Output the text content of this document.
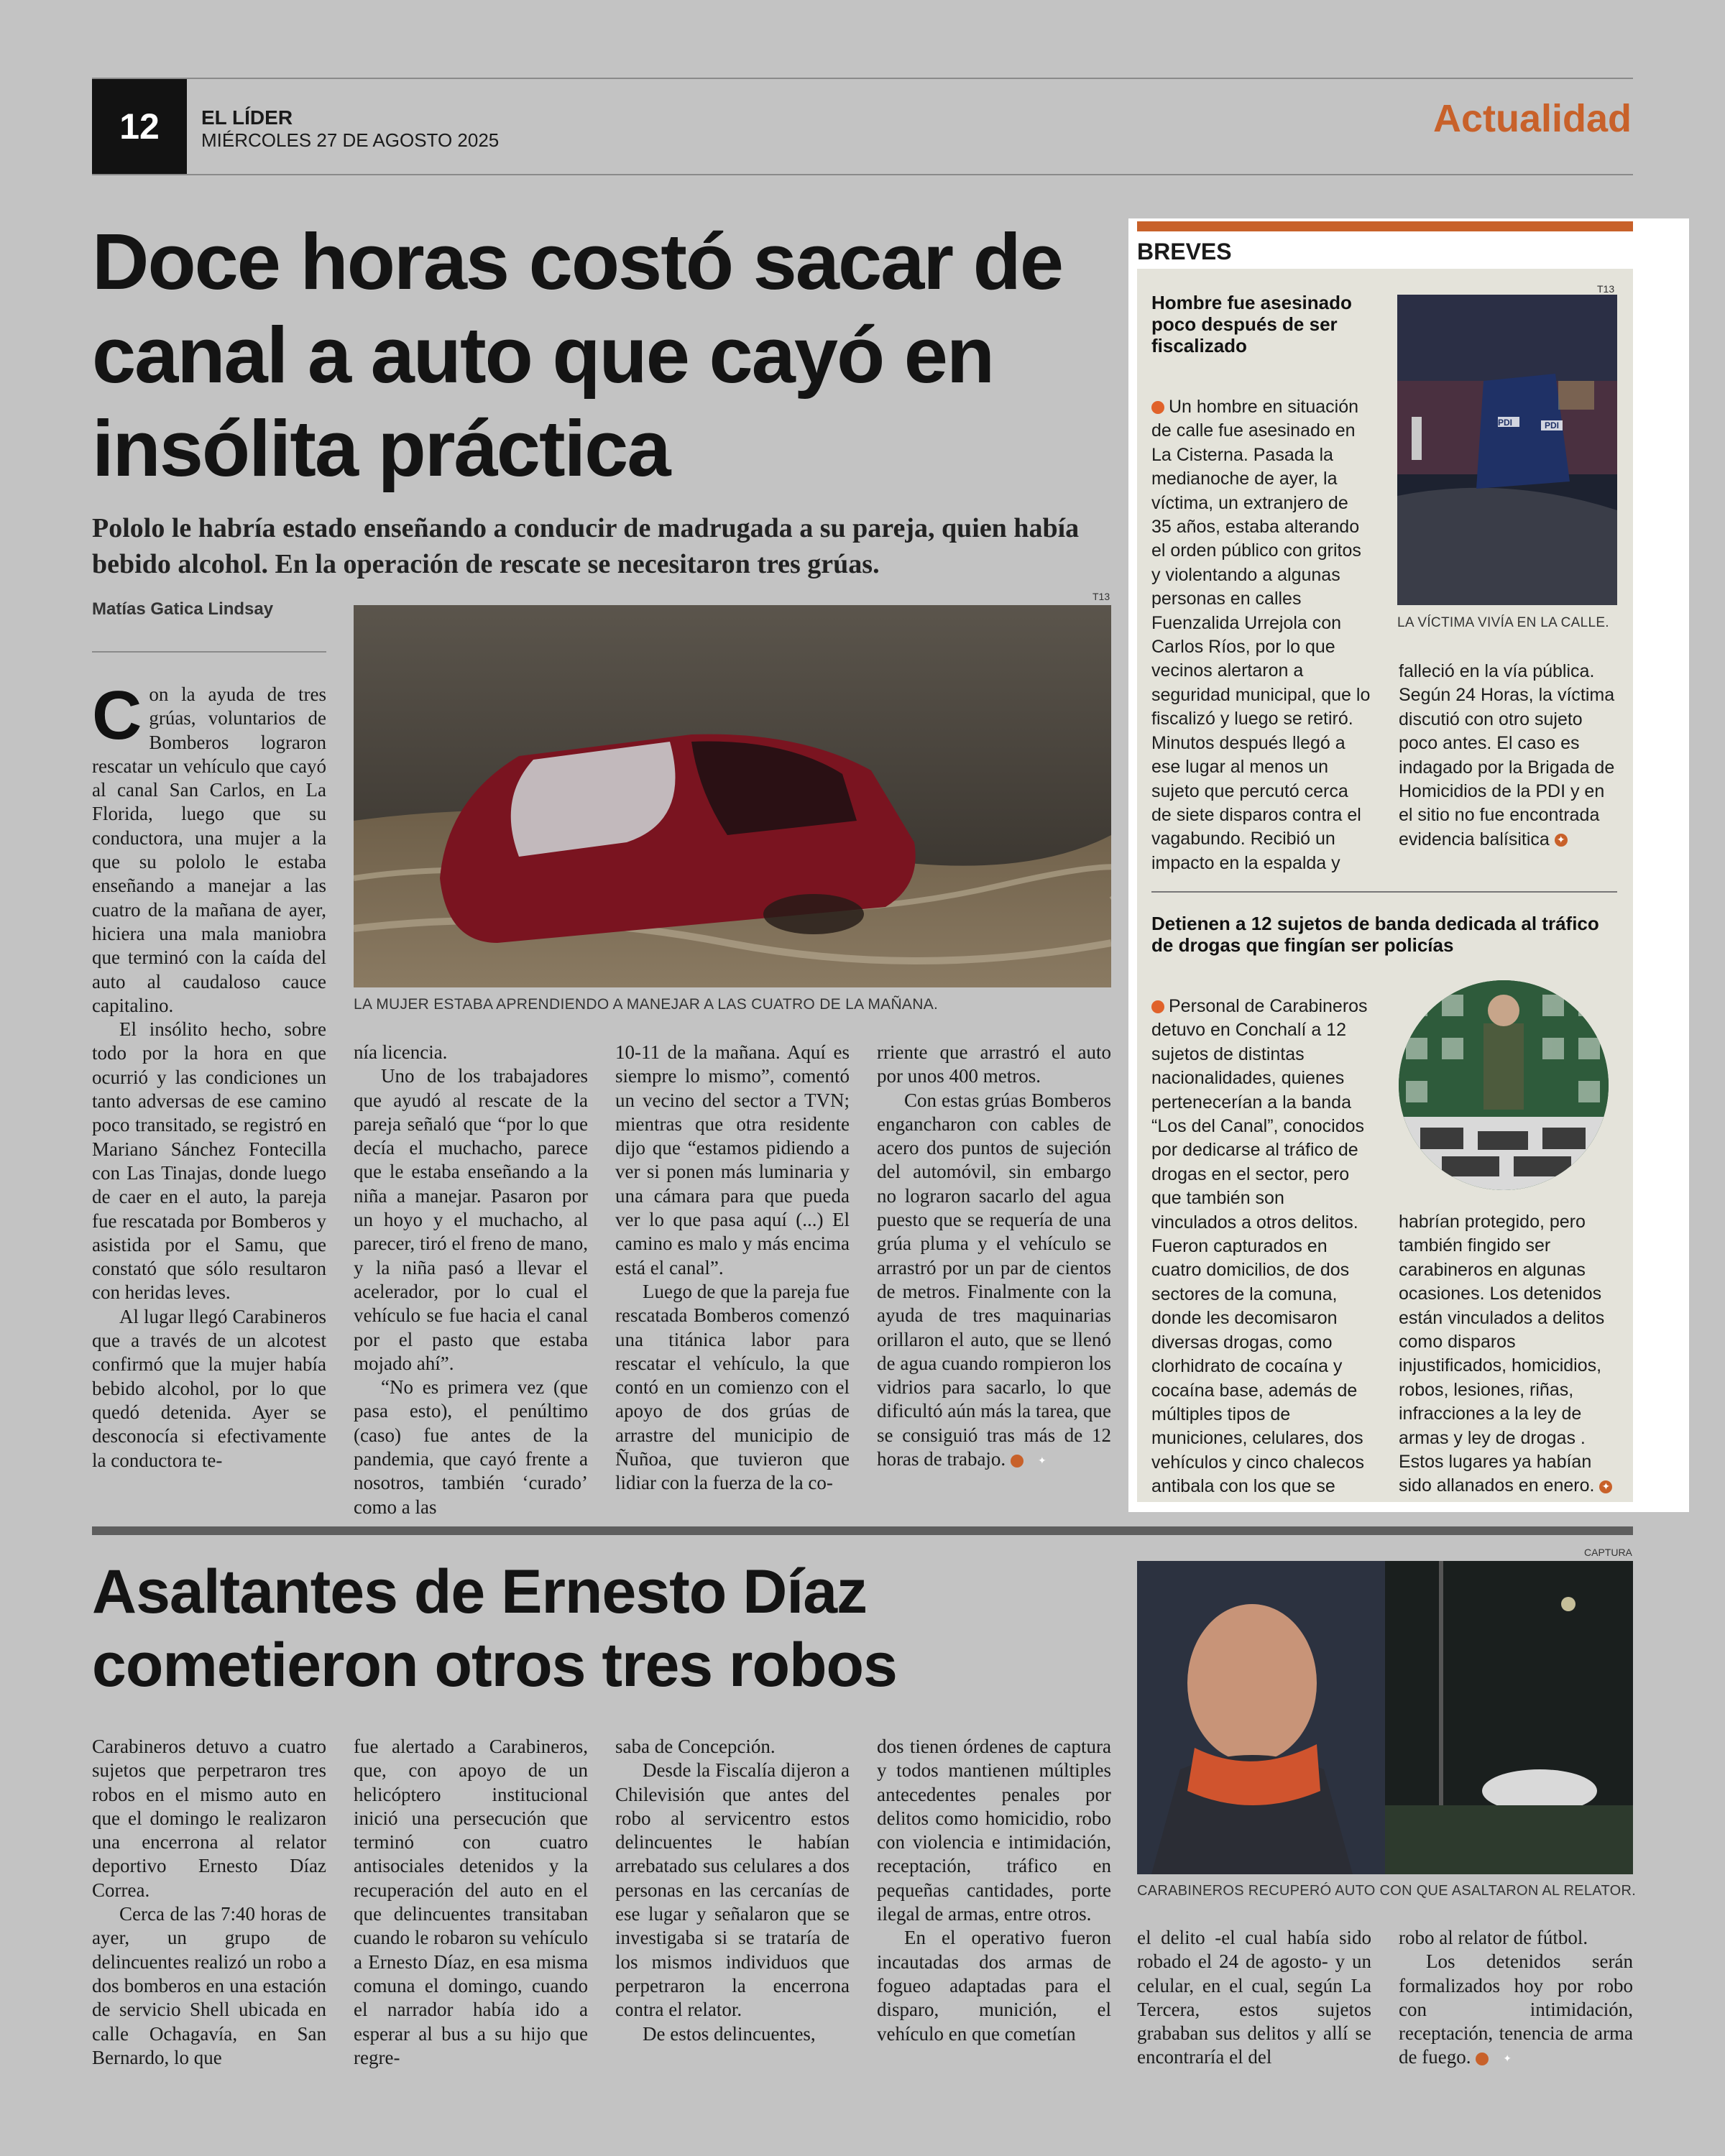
12	EL LÍDER
MIÉRCOLES 27 DE AGOSTO 2025	Actualidad
Doce horas costó sacar de canal a auto que cayó en insólita práctica
Pololo le habría estado enseñando a conducir de madrugada a su pareja, quien había bebido alcohol. En la operación de rescate se necesitaron tres grúas.
Matías Gatica Lindsay
T13
LA MUJER ESTABA APRENDIENDO A MANEJAR A LAS CUATRO DE LA MAÑANA.

Con la ayuda de tres grúas, voluntarios de Bomberos lograron rescatar un vehículo que cayó al canal San Carlos, en La Florida, luego que su conductora, una mujer a la que su pololo le estaba enseñando a manejar a las cuatro de la mañana de ayer, hiciera una mala maniobra que terminó con la caída del auto al caudaloso cauce capitalino.

El insólito hecho, sobre todo por la hora en que ocurrió y las condiciones un tanto adversas de ese camino poco transitado, se registró en Mariano Sánchez Fontecilla con Las Tinajas, donde luego de caer en el auto, la pareja fue rescatada por Bomberos y asistida por el Samu, que constató que sólo resultaron con heridas leves.

Al lugar llegó Carabineros que a través de un alcotest confirmó que la mujer había bebido alcohol, por lo que quedó detenida. Ayer se desconocía si efectivamente la conductora te-

nía licencia.

Uno de los trabajadores que ayudó al rescate de la pareja señaló que “por lo que decía el muchacho, parece que le estaba enseñando a la niña a manejar. Pasaron por un hoyo y el muchacho, al parecer, tiró el freno de mano, y la niña pasó a llevar el acelerador, por lo cual el vehículo se fue hacia el canal por el pasto que estaba mojado ahí”.

“No es primera vez (que pasa esto), el penúltimo (caso) fue antes de la pandemia, que cayó frente a nosotros, también ‘curado’ como a las

10-11 de la mañana. Aquí es siempre lo mismo”, comentó un vecino del sector a TVN; mientras que otra residente dijo que “estamos pidiendo a ver si ponen más luminaria y una cámara para que pueda ver lo que pasa aquí (...) El camino es malo y más encima está el canal”.

Luego de que la pareja fue rescatada Bomberos comenzó una titánica labor para rescatar el vehículo, la que contó en un comienzo con el apoyo de dos grúas de arrastre del municipio de Ñuñoa, que tuvieron que lidiar con la fuerza de la co-

rriente que arrastró el auto por unos 400 metros.

Con estas grúas Bomberos engancharon con cables de acero dos puntos de sujeción del automóvil, sin embargo no lograron sacarlo del agua puesto que se requería de una grúa pluma y el vehículo se arrastró por un par de cientos de metros. Finalmente con la ayuda de tres maquinarias orillaron el auto, que se llenó de agua cuando rompieron los vidrios para sacarlo, lo que dificultó aún más la tarea, que se consiguió tras más de 12 horas de trabajo.	✦

BREVES
Hombre fue asesinado poco después de ser fiscalizado
PDI	PDI
T13
LA VÍCTIMA VIVÍA EN LA CALLE.

Un hombre en situación de calle fue asesinado en La Cisterna. Pasada la medianoche de ayer, la víctima, un extranjero de 35 años, estaba alterando el orden público con gritos y violentando a algunas personas en calles Fuenzalida Urrejola con Carlos Ríos, por lo que vecinos alertaron a seguridad municipal, que lo fiscalizó y luego se retiró. Minutos después llegó a ese lugar al menos un sujeto que percutó cerca de siete disparos contra el vagabundo. Recibió un impacto en la espalda y

falleció en la vía pública. Según 24 Horas, la víctima discutió con otro sujeto poco antes. El caso es indagado por la Brigada de Homicidios de la PDI y en el sitio no fue encontrada evidencia balísitica ✦

Detienen a 12 sujetos de banda dedicada al tráfico de drogas que fingían ser policías

Personal de Carabineros detuvo en Conchalí a 12 sujetos de distintas nacionalidades, quienes pertenecerían a la banda “Los del Canal”, conocidos por dedicarse al tráfico de drogas en el sector, pero que también son vinculados a otros delitos. Fueron capturados en cuatro domicilios, de dos sectores de la comuna, donde les decomisaron diversas drogas, como clorhidrato de cocaína y cocaína base, además de múltiples tipos de municiones, celulares, dos vehículos y cinco chalecos antibala con los que se

habrían protegido, pero también fingido ser carabineros en algunas ocasiones. Los detenidos están vinculados a delitos como disparos injustificados, homicidios, robos, lesiones, riñas, infracciones a la ley de armas y ley de drogas . Estos lugares ya habían sido allanados en enero. ✦

Asaltantes de Ernesto Díaz cometieron otros tres robos
CAPTURA
CARABINEROS RECUPERÓ AUTO CON QUE ASALTARON AL RELATOR.

Carabineros detuvo a cuatro sujetos que perpetraron tres robos en el mismo auto en que el domingo le realizaron una encerrona al relator deportivo Ernesto Díaz Correa.

Cerca de las 7:40 horas de ayer, un grupo de delincuentes realizó un robo a dos bomberos en una estación de servicio Shell ubicada en calle Ochagavía, en San Bernardo, lo que

fue alertado a Carabineros, que, con apoyo de un helicóptero institucional inició una persecución que terminó con cuatro antisociales detenidos y la recuperación del auto en el que delincuentes transitaban cuando le robaron su vehículo a Ernesto Díaz, en esa misma comuna el domingo, cuando el narrador había ido a esperar al bus a su hijo que regre-

saba de Concepción.

Desde la Fiscalía dijeron a Chilevisión que antes del robo al servicentro estos delincuentes le habían arrebatado sus celulares a dos personas en las cercanías de ese lugar y señalaron que se investigaba si se trataría de los mismos individuos que perpetraron la encerrona contra el relator.

De estos delincuentes,

dos tienen órdenes de captura y todos mantienen múltiples antecedentes penales por delitos como homicidio, robo con violencia e intimidación, receptación, tráfico en pequeñas cantidades, porte ilegal de armas, entre otros.

En el operativo fueron incautadas dos armas de fogueo adaptadas para el disparo, munición, el vehículo en que cometían

el delito -el cual había sido robado el 24 de agosto- y un celular, en el cual, según La Tercera, estos sujetos grababan sus delitos y allí se encontraría el del

robo al relator de fútbol.

Los detenidos serán formalizados hoy por robo con intimidación, receptación, tenencia de arma de fuego.	✦
